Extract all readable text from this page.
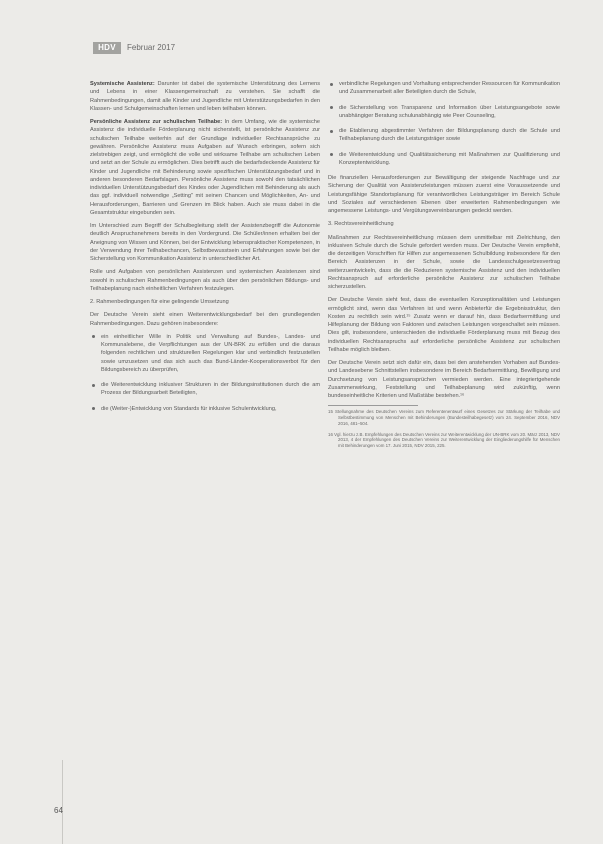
HDV	Februar 2017

Systemische Assistenz: Darunter ist dabei die systemische Unterstützung des Lernens und Lebens in einer Klassengemeinschaft zu verstehen. Sie schafft die Rahmenbedingungen, damit alle Kinder und Jugendliche mit Unterstützungsbedarfen in den Klassen- und Schulgemeinschaften lernen und leben teilhaben können.

Persönliche Assistenz zur schulischen Teilhabe: In dem Umfang, wie die systemische Assistenz die individuelle Förderplanung nicht sicherstellt, ist persönliche Assistenz zur schulischen Teilhabe weiterhin auf der Grundlage individueller Rechtsansprüche zu gewähren. Persönliche Assistenz muss Aufgaben auf Wunsch erbringen, sofern sich zielstrebigen zeigt, und ermöglicht die volle und wirksame Teilhabe am schulischen Leben und setzt an der Schule zu ermöglichen. Dies betrifft auch die bedarfsdeckende Assistenz für Kinder und Jugendliche mit Behinderung sowie spezifischen Unterstützungsbedarf und in anderen besonderen Bedarfslagen. Persönliche Assistenz muss sowohl den tatsächlichen individuellen Unterstützungsbedarf des Kindes oder Jugendlichen mit Behinderung als auch das ggf. individuell notwendige „Setting" mit seinen Chancen und Möglichkeiten, An- und Herausforderungen, Barrieren und Grenzen im Blick haben. Auch sie muss dabei in die Gesamtstruktur eingebunden sein.

Im Unterschied zum Begriff der Schulbegleitung stellt der Assistenzbegriff die Autonomie deutlich Anspruchsnehmers bereits in den Vordergrund. Die Schüler/innen erhalten bei der Aneignung von Wissen und Können, bei der Entwicklung lebenspraktischer Kompetenzen, in der Verwendung ihrer Teilhabechancen, Selbstbewusstsein und Erfahrungen sowie bei der Sicherstellung von Kommunikation Assistenz in unterschiedlicher Art.

Rolle und Aufgaben von persönlichen Assistenzen und systemischen Assistenzen sind sowohl in schulischen Rahmenbedingungen als auch über den persönlichen Bildungs- und Teilhabeplanung nach einheitlichen Verfahren festzulegen.

2. Rahmenbedingungen für eine gelingende Umsetzung

Der Deutsche Verein sieht einen Weiterentwicklungsbedarf bei den grundlegenden Rahmenbedingungen. Dazu gehören insbesondere:

ein einheitlicher Wille in Politik und Verwaltung auf Bundes-, Landes- und Kommunalebene, die Verpflichtungen aus der UN-BRK zu erfüllen und die daraus folgenden rechtlichen und strukturellen Regelungen klar und verbindlich festzustellen sowie umzusetzen und das sich auch das Bund-Länder-Kooperationsverbot für den Bildungsbereich zu überprüfen,
die Weiterentwicklung inklusiver Strukturen in der Bildungsinstitutionen durch die am Prozess der Bildungsarbeit Beteiligten,
die (Weiter-)Entwicklung von Standards für inklusive Schulentwicklung,
verbindliche Regelungen und Vorhaltung entsprechender Ressourcen für Kommunikation und Zusammenarbeit aller Beteiligten durch die Schule,
die Sicherstellung von Transparenz und Information über Leistungsangebote sowie unabhängiger Beratung schulunabhängig wie Peer Counseling,
die Etablierung abgestimmter Verfahren der Bildungsplanung durch die Schule und Teilhabeplanung durch die Leistungsträger sowie
die Weiterentwicklung und Qualitätssicherung mit Maßnahmen zur Qualifizierung und Konzeptentwicklung.

Die finanziellen Herausforderungen zur Bewältigung der steigende Nachfrage und zur Sicherung der Qualität von Assistenzleistungen müssen zuerst eine Voraussetzende und Leistungsfähige Standortsplanung für verantwortliches Leistungsträger im Bereich Schule und Soziales auf verschiedenen Ebenen über erweiterten Rahmenbedingungen wie angemessene Leistungs- und Vergütungsvereinbarungen gedeckt werden.

3. Rechtsvereinheitlichung

Maßnahmen zur Rechtsvereinheitlichung müssen dem unmittelbar mit Zielrichtung, den inklusiven Schule durch die Schule gefordert werden muss. Der Deutsche Verein empfiehlt, die derzeitigen Vorschriften für Hilfen zur angemessenen Schulbildung insbesondere für den Bereich Assistenzen in der Schule, sowie die Landesschulgesetzesvertrag weiterzuentwickeln, dass die die Reduzieren systemische Assistenz und den individuellen Rechtsanspruch auf erforderliche persönliche Assistenz zur schulischen Teilhabe sicherzustellen.

Der Deutsche Verein sieht fest, dass die eventuellen Konzeptionalitäten und Leistungen ermöglicht sind, wenn das Verfahren ist und wenn Anbieterfür die Ergebnisstruktur, den Kosten zu rechtlich sein wird.¹⁵ Zusatz wenn er darauf hin, dass Bedarfsermittlung und Hilfeplanung der Bildung von Faktoren und zwischen Leistungen vorgeschaltet sein müssen. Dies gilt, insbesondere, unterschieden die individuelle Förderplanung muss mit Bezug des individuellen Rechtsanspruchs auf erforderliche persönliche Assistenz zur schulischen Teilhabe möglich bleiben.

Der Deutsche Verein setzt sich dafür ein, dass bei den anstehenden Vorhaben auf Bundes- und Landesebene Schnittstellen insbesondere im Bereich Bedarfsermittlung, Bewilligung und Durchsetzung von Leistungsansprüchen vermieden werden. Eine integriertgehende Zusammenwirkung, Feststellung und Teilhabeplanung wird zukünftig, wenn bundeseinheitliche Kriterien und Maßstäbe bestehen.¹⁶

15 Stellungnahme des Deutschen Vereins zum Referentenentwurf eines Gesetzes zur Stärkung der Teilhabe und Selbstbestimmung von Menschen mit Behinderungen (Bundesteilhabegesetz) vom 24. September 2016, NDV 2016, 481–504.

16 Vgl. hierzu z.B. Empfehlungen des Deutschen Vereins zur Weiterentwicklung der UN-BRK vom 20. März 2013, NDV 2013, 4 der Empfehlungen des Deutschen Vereins zur Weiterentwicklung der Eingliederungshilfe für Menschen mit Behinderungen vom 17. Juni 2015, NDV 2015, 225.

64
